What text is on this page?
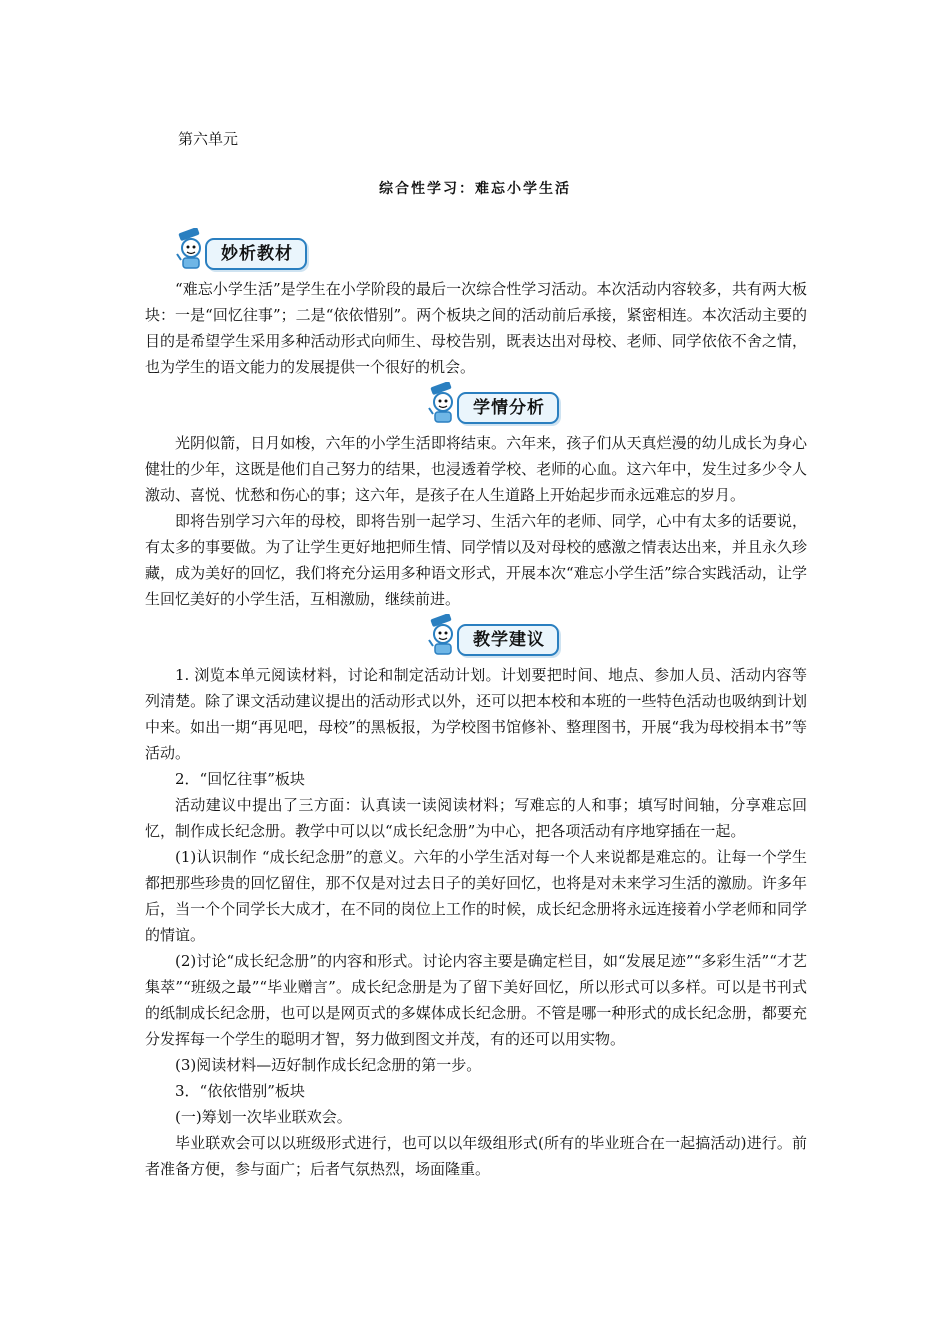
第六单元
综合性学习：难忘小学生活
妙析教材

“难忘小学生活”是学生在小学阶段的最后一次综合性学习活动。本次活动内容较多，共有两大板块：一是“回忆往事”；二是“依依惜别”。两个板块之间的活动前后承接，紧密相连。本次活动主要的目的是希望学生采用多种活动形式向师生、母校告别，既表达出对母校、老师、同学依依不舍之情，也为学生的语文能力的发展提供一个很好的机会。

学情分析

光阴似箭，日月如梭，六年的小学生活即将结束。六年来，孩子们从天真烂漫的幼儿成长为身心健壮的少年，这既是他们自己努力的结果，也浸透着学校、老师的心血。这六年中，发生过多少令人激动、喜悦、忧愁和伤心的事；这六年，是孩子在人生道路上开始起步而永远难忘的岁月。

即将告别学习六年的母校，即将告别一起学习、生活六年的老师、同学，心中有太多的话要说，有太多的事要做。为了让学生更好地把师生情、同学情以及对母校的感激之情表达出来，并且永久珍藏，成为美好的回忆，我们将充分运用多种语文形式，开展本次“难忘小学生活”综合实践活动，让学生回忆美好的小学生活，互相激励，继续前进。

教学建议

1. 浏览本单元阅读材料，讨论和制定活动计划。计划要把时间、地点、参加人员、活动内容等列清楚。除了课文活动建议提出的活动形式以外，还可以把本校和本班的一些特色活动也吸纳到计划中来。如出一期“再见吧，母校”的黑板报，为学校图书馆修补、整理图书，开展“我为母校捐本书”等活动。

2．“回忆往事”板块

活动建议中提出了三方面：认真读一读阅读材料；写难忘的人和事；填写时间轴，分享难忘回忆，制作成长纪念册。教学中可以以“成长纪念册”为中心，把各项活动有序地穿插在一起。

(1)认识制作 “成长纪念册”的意义。六年的小学生活对每一个人来说都是难忘的。让每一个学生都把那些珍贵的回忆留住，那不仅是对过去日子的美好回忆，也将是对未来学习生活的激励。许多年后，当一个个同学长大成才，在不同的岗位上工作的时候，成长纪念册将永远连接着小学老师和同学的情谊。

(2)讨论“成长纪念册”的内容和形式。讨论内容主要是确定栏目，如“发展足迹”“多彩生活”“才艺集萃”“班级之最”“毕业赠言”。成长纪念册是为了留下美好回忆，所以形式可以多样。可以是书刊式的纸制成长纪念册，也可以是网页式的多媒体成长纪念册。不管是哪一种形式的成长纪念册，都要充分发挥每一个学生的聪明才智，努力做到图文并茂，有的还可以用实物。

(3)阅读材料—迈好制作成长纪念册的第一步。

3．“依依惜别”板块

(一)筹划一次毕业联欢会。

毕业联欢会可以以班级形式进行，也可以以年级组形式(所有的毕业班合在一起搞活动)进行。前者准备方便，参与面广；后者气氛热烈，场面隆重。
